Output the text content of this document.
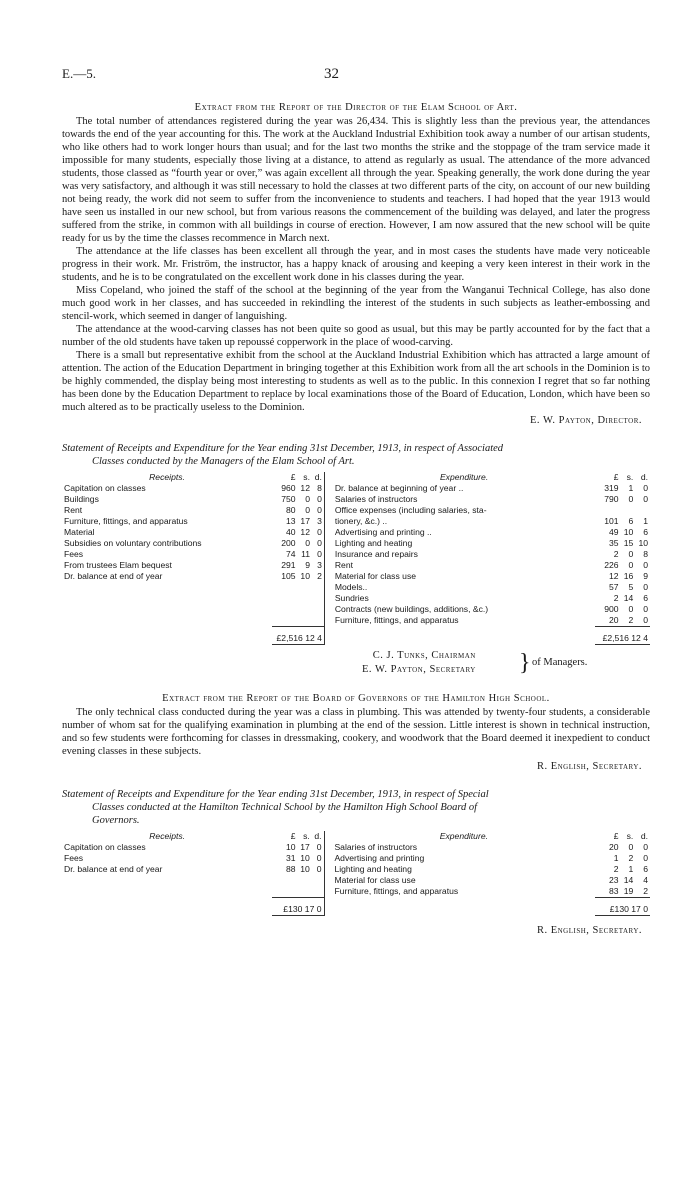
E.—5.	32
Extract from the Report of the Director of the Elam School of Art.

The total number of attendances registered during the year was 26,434. This is slightly less than the previous year, the attendances towards the end of the year accounting for this. The work at the Auckland Industrial Exhibition took away a number of our artisan students, who like others had to work longer hours than usual; and for the last two months the strike and the stoppage of the tram service made it impossible for many students, especially those living at a distance, to attend as regularly as usual. The attendance of the more advanced students, those classed as “fourth year or over,” was again excellent all through the year. Speaking generally, the work done during the year was very satisfactory, and although it was still necessary to hold the classes at two different parts of the city, on account of our new building not being ready, the work did not seem to suffer from the inconvenience to students and teachers. I had hoped that the year 1913 would have seen us installed in our new school, but from various reasons the commencement of the building was delayed, and later the progress suffered from the strike, in common with all buildings in course of erection. However, I am now assured that the new school will be quite ready for us by the time the classes recommence in March next.

The attendance at the life classes has been excellent all through the year, and in most cases the students have made very noticeable progress in their work. Mr. Friström, the instructor, has a happy knack of arousing and keeping a very keen interest in their work in the students, and he is to be congratulated on the excellent work done in his classes during the year.

Miss Copeland, who joined the staff of the school at the beginning of the year from the Wanganui Technical College, has also done much good work in her classes, and has succeeded in rekindling the interest of the students in such subjects as leather-embossing and stencil-work, which seemed in danger of languishing.

The attendance at the wood-carving classes has not been quite so good as usual, but this may be partly accounted for by the fact that a number of the old students have taken up repoussé copperwork in the place of wood-carving.

There is a small but representative exhibit from the school at the Auckland Industrial Exhibition which has attracted a large amount of attention. The action of the Education Department in bringing together at this Exhibition work from all the art schools in the Dominion is to be highly commended, the display being most interesting to students as well as to the public. In this connexion I regret that so far nothing has been done by the Education Department to replace by local examinations those of the Board of Education, London, which have been so much altered as to be practically useless to the Dominion.

E. W. Payton, Director.
Statement of Receipts and Expenditure for the Year ending 31st December, 1913, in respect of Associated
Classes conducted by the Managers of the Elam School of Art.
Receipts.	£	s.	d.		Expenditure.	£	s.	d.
Capitation on classes	960	12	8		Dr. balance at beginning of year ..	319	1	0
Buildings	750	0	0		Salaries of instructors	790	0	0
Rent	80	0	0		Office expenses (including salaries, sta-			
Furniture, fittings, and apparatus	13	17	3		tionery, &c.) ..	101	6	1
Material	40	12	0		Advertising and printing ..	49	10	6
Subsidies on voluntary contributions	200	0	0		Lighting and heating	35	15	10
Fees	74	11	0		Insurance and repairs	2	0	8
From trustees Elam bequest	291	9	3		Rent	226	0	0
Dr. balance at end of year	105	10	2		Material for class use	12	16	9
					Models..	57	5	0
					Sundries	2	14	6
					Contracts (new buildings, additions, &c.)	900	0	0
					Furniture, fittings, and apparatus	20	2	0
	£2,516 12 4					£2,516 12 4		
C. J. Tunks, Chairman
E. W. Payton, Secretary } of Managers.
Extract from the Report of the Board of Governors of the Hamilton High School.

The only technical class conducted during the year was a class in plumbing. This was attended by twenty-four students, a considerable number of whom sat for the qualifying examination in plumbing at the end of the session. Little interest is shown in technical instruction, and so few students were forthcoming for classes in dressmaking, cookery, and woodwork that the Board deemed it inexpedient to conduct evening classes in these subjects.

R. English, Secretary.
Statement of Receipts and Expenditure for the Year ending 31st December, 1913, in respect of Special
Classes conducted at the Hamilton Technical School by the Hamilton High School Board of
Governors.
Receipts.	£	s.	d.		Expenditure.	£	s.	d.
Capitation on classes	10	17	0		Salaries of instructors	20	0	0
Fees	31	10	0		Advertising and printing	1	2	0
Dr. balance at end of year	88	10	0		Lighting and heating	2	1	6
					Material for class use	23	14	4
					Furniture, fittings, and apparatus	83	19	2
	£130 17 0					£130 17 0		
R. English, Secretary.
